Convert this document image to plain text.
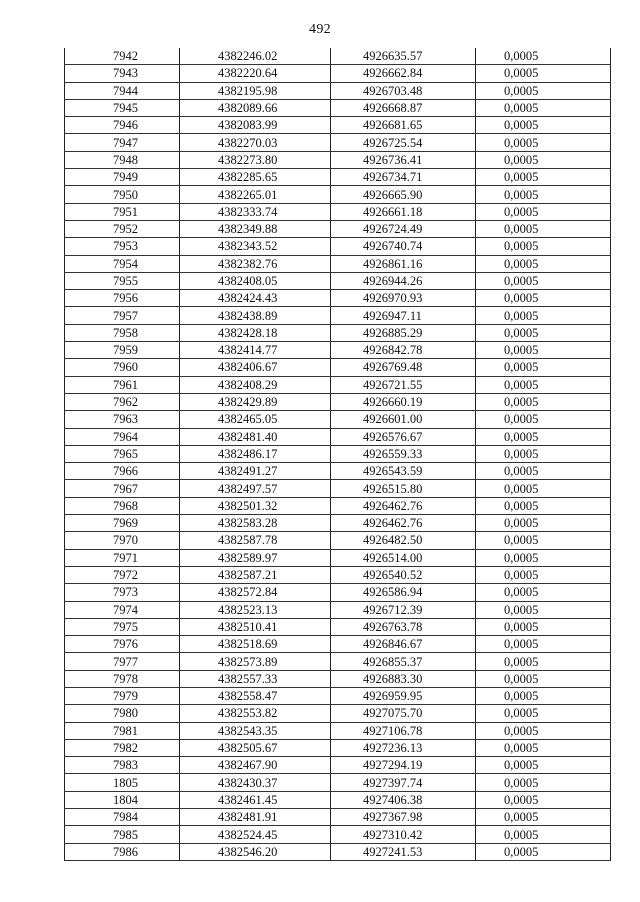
492
7942	4382246.02	4926635.57	0,0005
7943	4382220.64	4926662.84	0,0005
7944	4382195.98	4926703.48	0,0005
7945	4382089.66	4926668.87	0,0005
7946	4382083.99	4926681.65	0,0005
7947	4382270.03	4926725.54	0,0005
7948	4382273.80	4926736.41	0,0005
7949	4382285.65	4926734.71	0,0005
7950	4382265.01	4926665.90	0,0005
7951	4382333.74	4926661.18	0,0005
7952	4382349.88	4926724.49	0,0005
7953	4382343.52	4926740.74	0,0005
7954	4382382.76	4926861.16	0,0005
7955	4382408.05	4926944.26	0,0005
7956	4382424.43	4926970.93	0,0005
7957	4382438.89	4926947.11	0,0005
7958	4382428.18	4926885.29	0,0005
7959	4382414.77	4926842.78	0,0005
7960	4382406.67	4926769.48	0,0005
7961	4382408.29	4926721.55	0,0005
7962	4382429.89	4926660.19	0,0005
7963	4382465.05	4926601.00	0,0005
7964	4382481.40	4926576.67	0,0005
7965	4382486.17	4926559.33	0,0005
7966	4382491.27	4926543.59	0,0005
7967	4382497.57	4926515.80	0,0005
7968	4382501.32	4926462.76	0,0005
7969	4382583.28	4926462.76	0,0005
7970	4382587.78	4926482.50	0,0005
7971	4382589.97	4926514.00	0,0005
7972	4382587.21	4926540.52	0,0005
7973	4382572.84	4926586.94	0,0005
7974	4382523.13	4926712.39	0,0005
7975	4382510.41	4926763.78	0,0005
7976	4382518.69	4926846.67	0,0005
7977	4382573.89	4926855.37	0,0005
7978	4382557.33	4926883.30	0,0005
7979	4382558.47	4926959.95	0,0005
7980	4382553.82	4927075.70	0,0005
7981	4382543.35	4927106.78	0,0005
7982	4382505.67	4927236.13	0,0005
7983	4382467.90	4927294.19	0,0005
1805	4382430.37	4927397.74	0,0005
1804	4382461.45	4927406.38	0,0005
7984	4382481.91	4927367.98	0,0005
7985	4382524.45	4927310.42	0,0005
7986	4382546.20	4927241.53	0,0005
